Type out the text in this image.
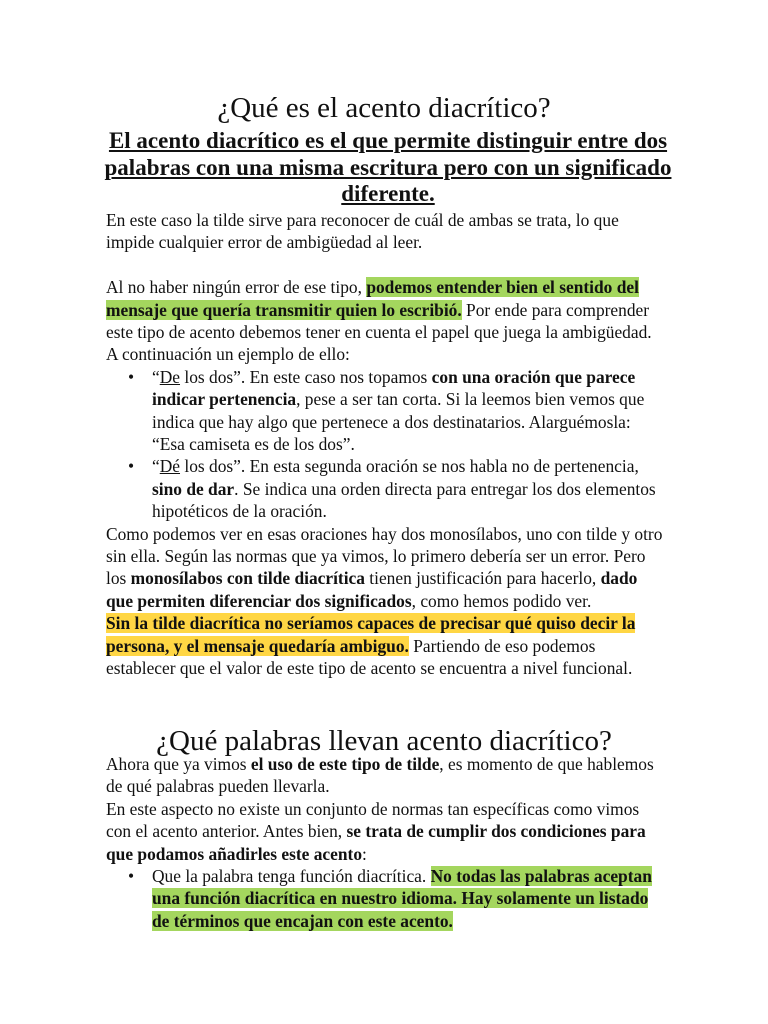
¿Qué es el acento diacrítico?
El acento diacrítico es el que permite distinguir entre dos palabras con una misma escritura pero con un significado diferente.

En este caso la tilde sirve para reconocer de cuál de ambas se trata, lo que impide cualquier error de ambigüedad al leer.

Al no haber ningún error de ese tipo, podemos entender bien el sentido del mensaje que quería transmitir quien lo escribió. Por ende para comprender este tipo de acento debemos tener en cuenta el papel que juega la ambigüedad. A continuación un ejemplo de ello:

• “De los dos”. En este caso nos topamos con una oración que parece indicar pertenencia, pese a ser tan corta. Si la leemos bien vemos que indica que hay algo que pertenece a dos destinatarios. Alarguémosla: “Esa camiseta es de los dos”.
• “Dé los dos”. En esta segunda oración se nos habla no de pertenencia, sino de dar. Se indica una orden directa para entregar los dos elementos hipotéticos de la oración.

Como podemos ver en esas oraciones hay dos monosílabos, uno con tilde y otro sin ella. Según las normas que ya vimos, lo primero debería ser un error. Pero los monosílabos con tilde diacrítica tienen justificación para hacerlo, dado que permiten diferenciar dos significados, como hemos podido ver.

Sin la tilde diacrítica no seríamos capaces de precisar qué quiso decir la persona, y el mensaje quedaría ambiguo. Partiendo de eso podemos establecer que el valor de este tipo de acento se encuentra a nivel funcional.

¿Qué palabras llevan acento diacrítico?

Ahora que ya vimos el uso de este tipo de tilde, es momento de que hablemos de qué palabras pueden llevarla.

En este aspecto no existe un conjunto de normas tan específicas como vimos con el acento anterior. Antes bien, se trata de cumplir dos condiciones para que podamos añadirles este acento:

• Que la palabra tenga función diacrítica. No todas las palabras aceptan una función diacrítica en nuestro idioma. Hay solamente un listado de términos que encajan con este acento.
